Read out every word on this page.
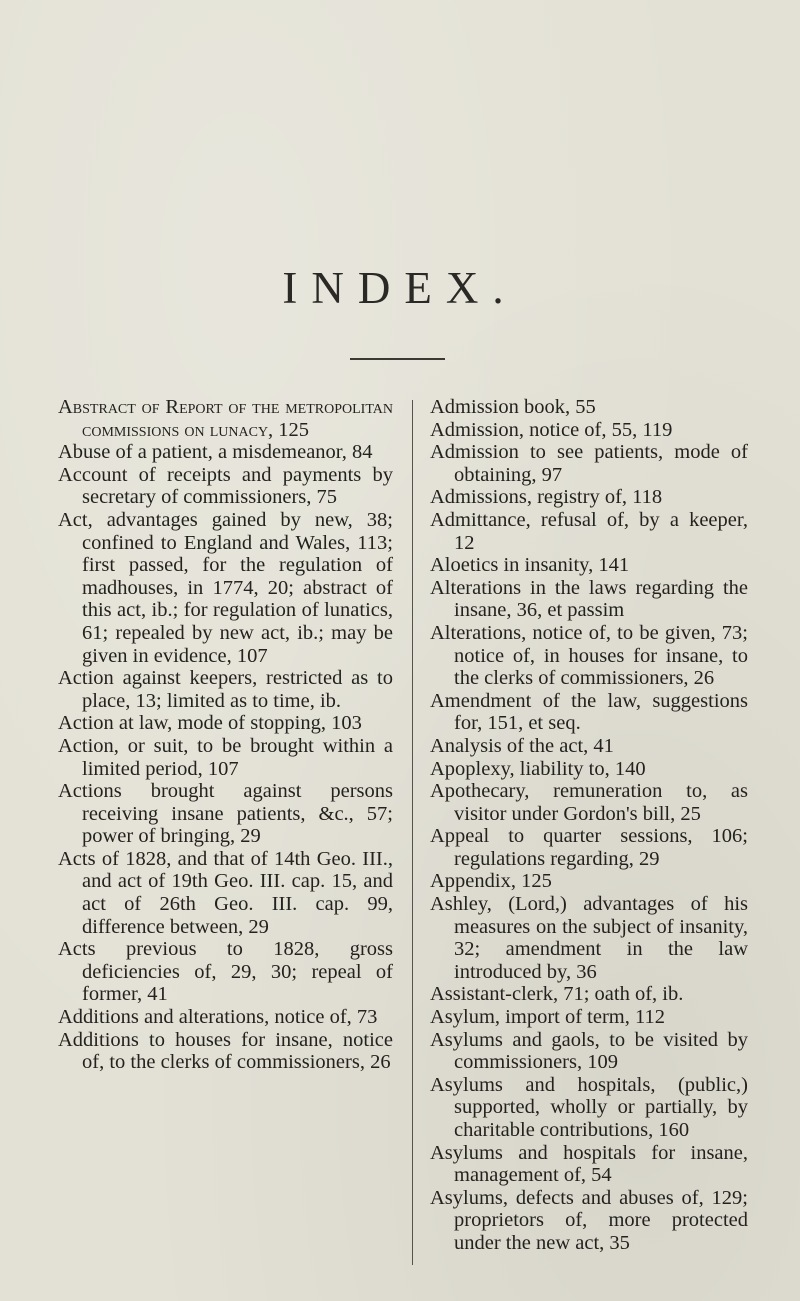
INDEX.
Abstract of Report of the metropolitan commissions on lunacy, 125
Abuse of a patient, a misdemeanor, 84
Account of receipts and payments by secretary of commissioners, 75
Act, advantages gained by new, 38; confined to England and Wales, 113; first passed, for the regulation of madhouses, in 1774, 20; abstract of this act, ib.; for regulation of lunatics, 61; repealed by new act, ib.; may be given in evidence, 107
Action against keepers, restricted as to place, 13; limited as to time, ib.
Action at law, mode of stopping, 103
Action, or suit, to be brought within a limited period, 107
Actions brought against persons receiving insane patients, &c., 57; power of bringing, 29
Acts of 1828, and that of 14th Geo. III., and act of 19th Geo. III. cap. 15, and act of 26th Geo. III. cap. 99, difference between, 29
Acts previous to 1828, gross deficiencies of, 29, 30; repeal of former, 41
Additions and alterations, notice of, 73
Additions to houses for insane, notice of, to the clerks of commissioners, 26
Admission book, 55
Admission, notice of, 55, 119
Admission to see patients, mode of obtaining, 97
Admissions, registry of, 118
Admittance, refusal of, by a keeper, 12
Aloetics in insanity, 141
Alterations in the laws regarding the insane, 36, et passim
Alterations, notice of, to be given, 73; notice of, in houses for insane, to the clerks of commissioners, 26
Amendment of the law, suggestions for, 151, et seq.
Analysis of the act, 41
Apoplexy, liability to, 140
Apothecary, remuneration to, as visitor under Gordon's bill, 25
Appeal to quarter sessions, 106; regulations regarding, 29
Appendix, 125
Ashley, (Lord,) advantages of his measures on the subject of insanity, 32; amendment in the law introduced by, 36
Assistant-clerk, 71; oath of, ib.
Asylum, import of term, 112
Asylums and gaols, to be visited by commissioners, 109
Asylums and hospitals, (public,) supported, wholly or partially, by charitable contributions, 160
Asylums and hospitals for insane, management of, 54
Asylums, defects and abuses of, 129; proprietors of, more protected under the new act, 35
